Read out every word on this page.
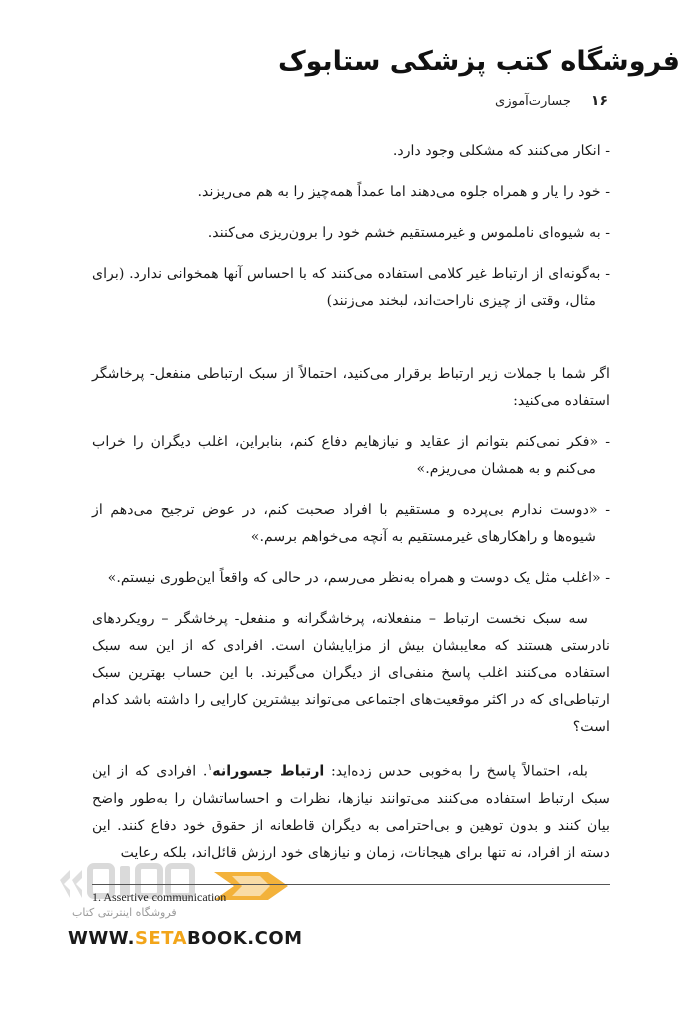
فروشگاه کتب پزشکی ستابوک
۱۶
جسارت‌آموزی

- انکار می‌کنند که مشکلی وجود دارد.

- خود را یار و همراه جلوه می‌دهند اما عمداً همه‌چیز را به هم می‌ریزند.

- به شیوه‌ای ناملموس و غیرمستقیم خشم خود را برون‌ریزی می‌کنند.

- به‌گونه‌ای از ارتباط غیر کلامی استفاده می‌کنند که با احساس آنها همخوانی ندارد. (برای مثال، وقتی از چیزی ناراحت‌اند، لبخند می‌زنند)

اگر شما با جملات زیر ارتباط برقرار می‌کنید، احتمالاً از سبک ارتباطی منفعل- پرخاشگر استفاده می‌کنید:

- «فکر نمی‌کنم بتوانم از عقاید و نیازهایم دفاع کنم، بنابراین، اغلب دیگران را خراب می‌کنم و به همشان می‌ریزم.»

- «دوست ندارم بی‌پرده و مستقیم با افراد صحبت کنم، در عوض ترجیح می‌دهم از شیوه‌ها و راهکارهای غیرمستقیم به آنچه می‌خواهم برسم.»

- «اغلب مثل یک دوست و همراه به‌نظر می‌رسم، در حالی که واقعاً این‌طوری نیستم.»

سه سبک نخست ارتباط – منفعلانه، پرخاشگرانه و منفعل- پرخاشگر – رویکردهای نادرستی هستند که معایبشان بیش از مزایایشان است. افرادی که از این سه سبک استفاده می‌کنند اغلب پاسخ منفی‌ای از دیگران می‌گیرند. با این حساب بهترین سبک ارتباطی‌ای که در اکثر موقعیت‌های اجتماعی می‌تواند بیشترین کارایی را داشته باشد کدام است؟

بله، احتمالاً پاسخ را به‌خوبی حدس زده‌اید: ارتباط جسورانه$^۱$. افرادی که از این سبک ارتباط استفاده می‌کنند می‌توانند نیازها، نظرات و احساساتشان را به‌طور واضح بیان کنند و بدون توهین و بی‌احترامی به دیگران قاطعانه از حقوق خود دفاع کنند. این دسته از افراد، نه تنها برای هیجانات، زمان و نیازهای خود ارزش قائل‌اند، بلکه رعایت

1. Assertive communication
فروشگاه اینترنتی کتاب
WWW.SETABOOK.COM
